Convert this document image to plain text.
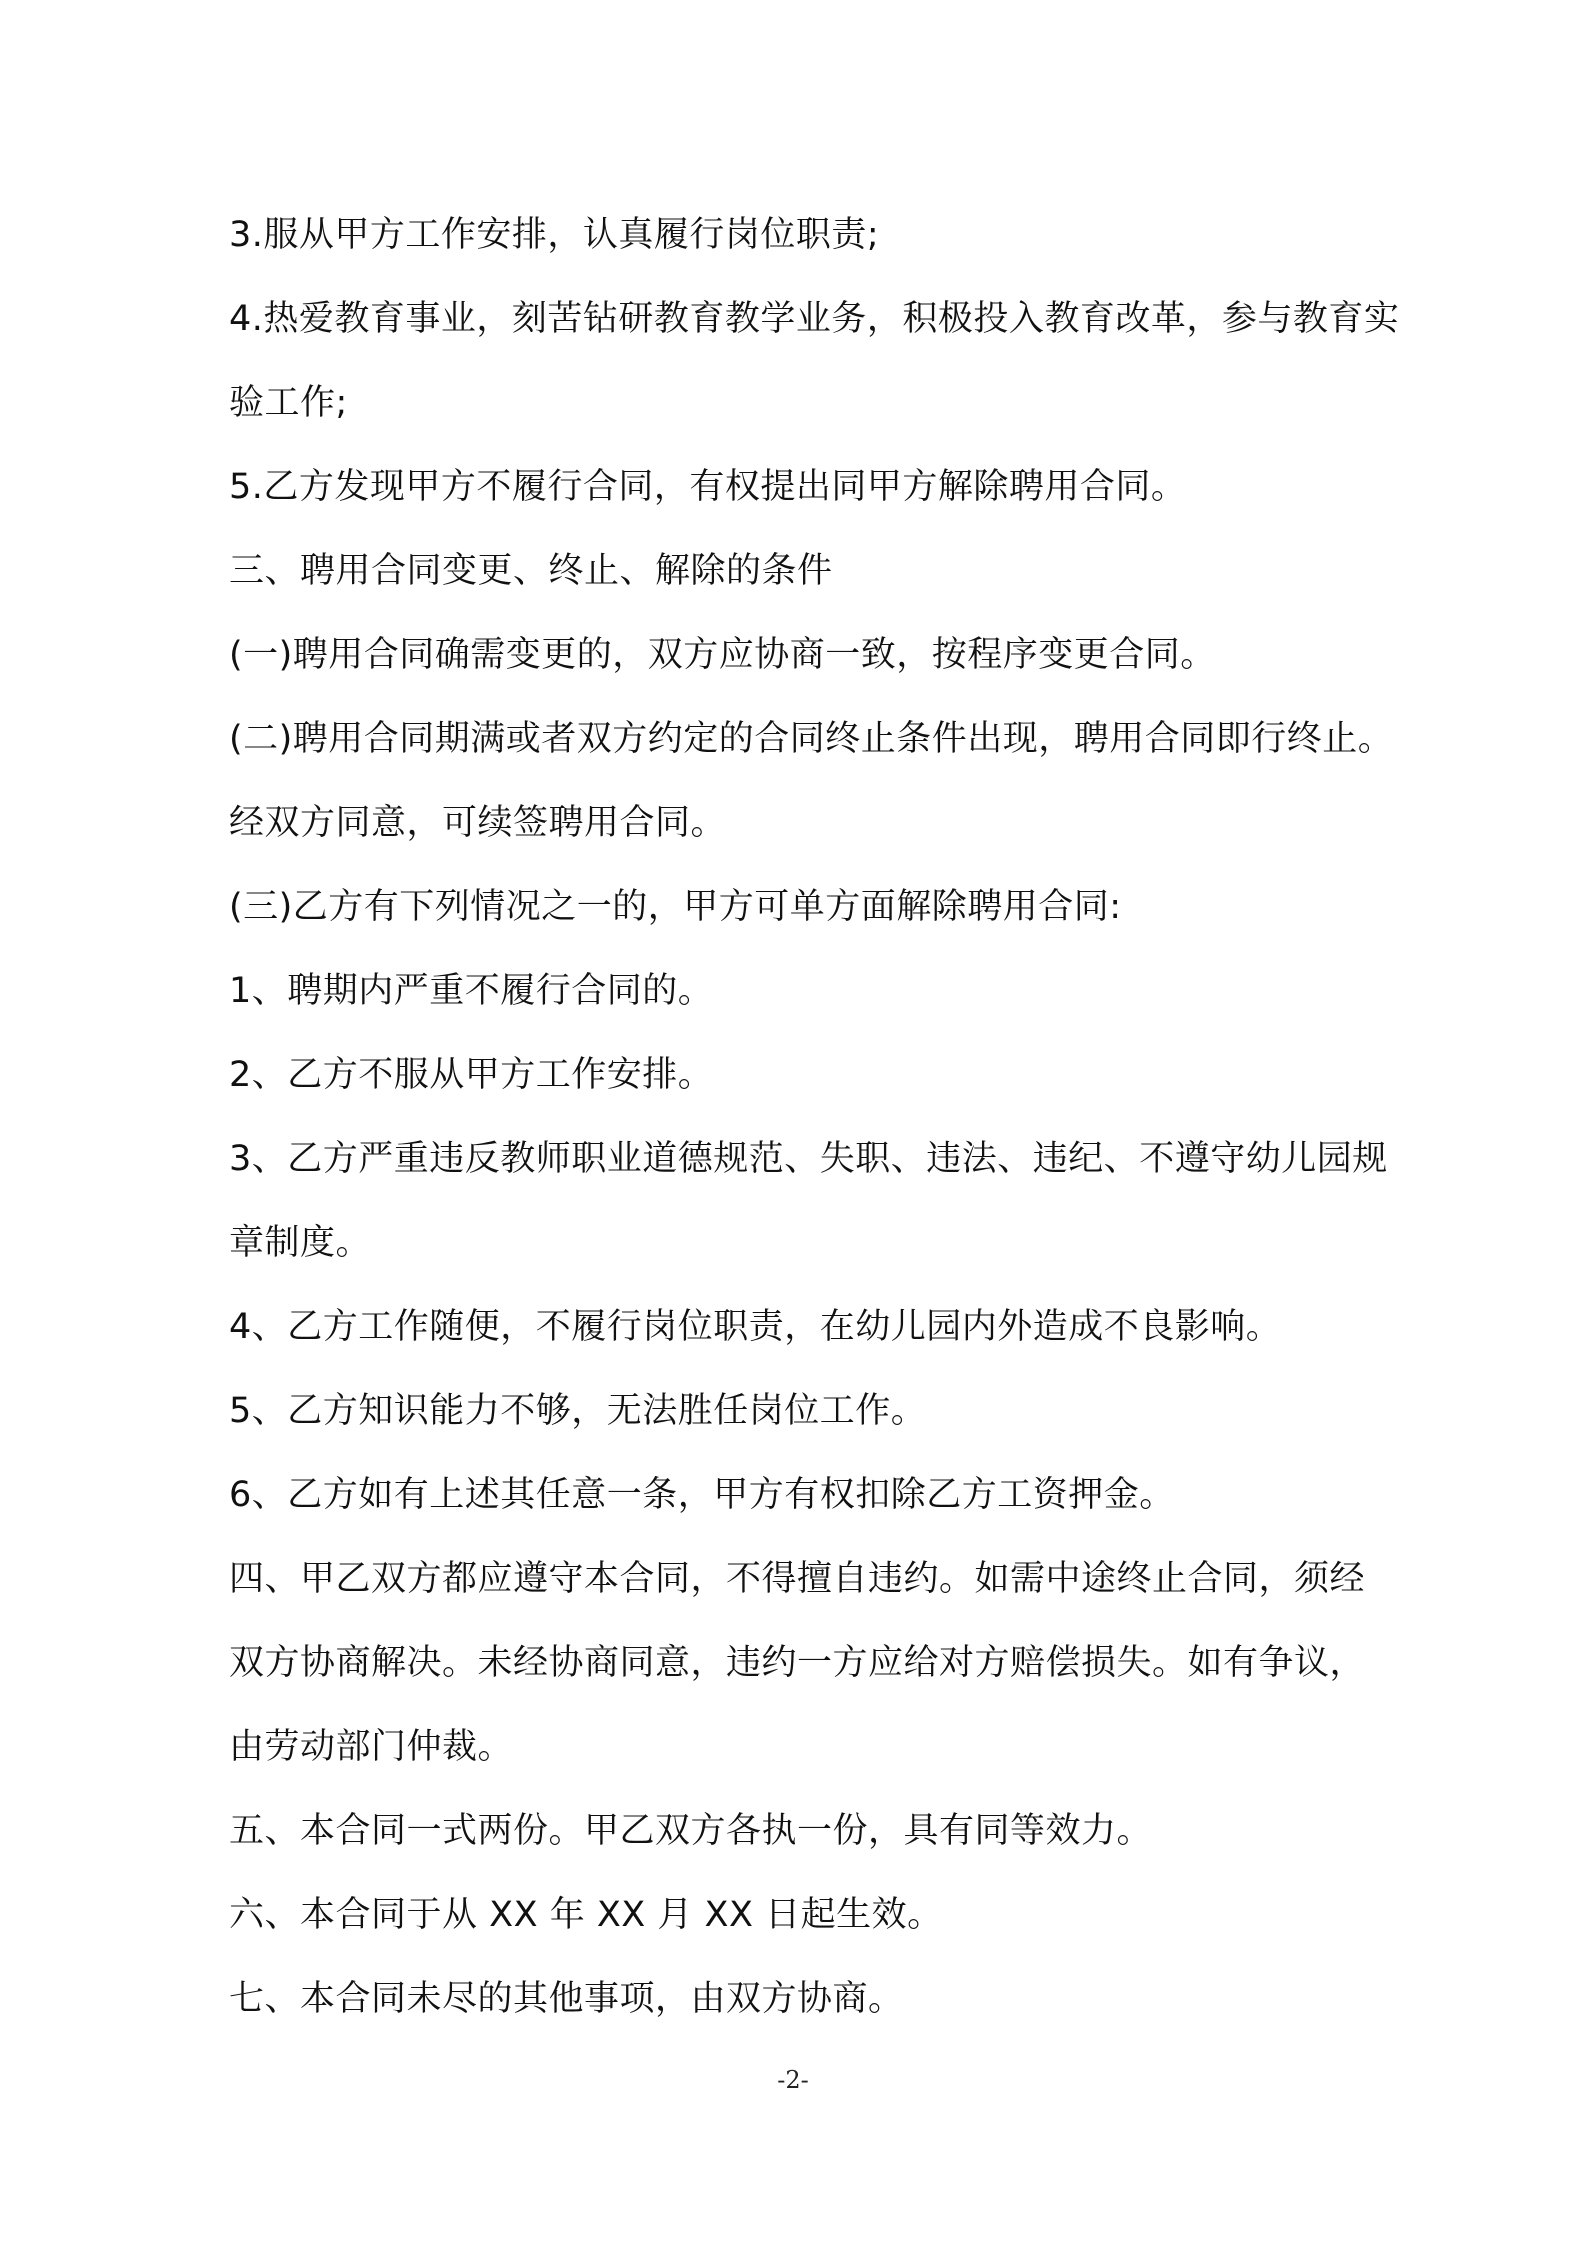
3.服从甲方工作安排，认真履行岗位职责;
4.热爱教育事业，刻苦钻研教育教学业务，积极投入教育改革，参与教育实
验工作;
5.乙方发现甲方不履行合同，有权提出同甲方解除聘用合同。
三、聘用合同变更、终止、解除的条件
(一)聘用合同确需变更的，双方应协商一致，按程序变更合同。
(二)聘用合同期满或者双方约定的合同终止条件出现，聘用合同即行终止。
经双方同意，可续签聘用合同。
(三)乙方有下列情况之一的，甲方可单方面解除聘用合同:
1、聘期内严重不履行合同的。
2、乙方不服从甲方工作安排。
3、乙方严重违反教师职业道德规范、失职、违法、违纪、不遵守幼儿园规
章制度。
4、乙方工作随便，不履行岗位职责，在幼儿园内外造成不良影响。
5、乙方知识能力不够，无法胜任岗位工作。
6、乙方如有上述其任意一条，甲方有权扣除乙方工资押金。
四、甲乙双方都应遵守本合同，不得擅自违约。如需中途终止合同，须经
双方协商解决。未经协商同意，违约一方应给对方赔偿损失。如有争议，
由劳动部门仲裁。
五、本合同一式两份。甲乙双方各执一份，具有同等效力。
六、本合同于从 XX 年 XX 月 XX 日起生效。
七、本合同未尽的其他事项，由双方协商。
-2-
